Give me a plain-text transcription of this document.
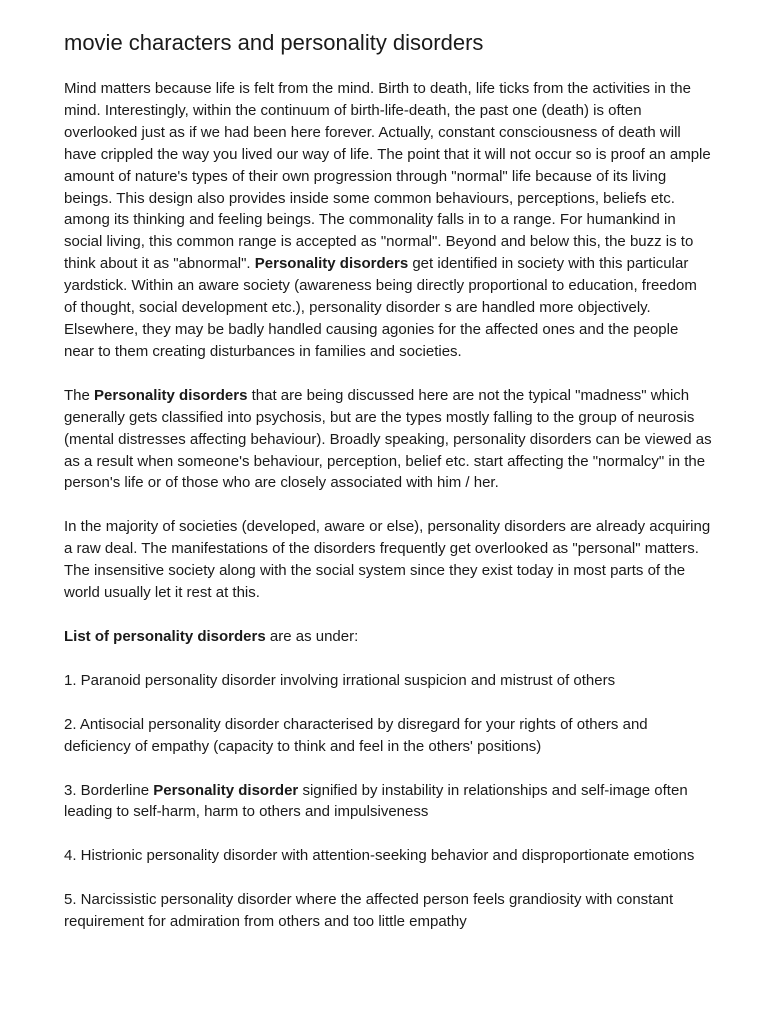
movie characters and personality disorders

Mind matters because life is felt from the mind. Birth to death, life ticks from the activities in the mind. Interestingly, within the continuum of birth-life-death, the past one (death) is often overlooked just as if we had been here forever. Actually, constant consciousness of death will have crippled the way you lived our way of life. The point that it will not occur so is proof an ample amount of nature's types of their own progression through "normal" life because of its living beings. This design also provides inside some common behaviours, perceptions, beliefs etc. among its thinking and feeling beings. The commonality falls in to a range. For humankind in social living, this common range is accepted as "normal". Beyond and below this, the buzz is to think about it as "abnormal". Personality disorders get identified in society with this particular yardstick. Within an aware society (awareness being directly proportional to education, freedom of thought, social development etc.), personality disorder s are handled more objectively. Elsewhere, they may be badly handled causing agonies for the affected ones and the people near to them creating disturbances in families and societies.

The Personality disorders that are being discussed here are not the typical "madness" which generally gets classified into psychosis, but are the types mostly falling to the group of neurosis (mental distresses affecting behaviour). Broadly speaking, personality disorders can be viewed as as a result when someone's behaviour, perception, belief etc. start affecting the "normalcy" in the person's life or of those who are closely associated with him / her.

In the majority of societies (developed, aware or else), personality disorders are already acquiring a raw deal. The manifestations of the disorders frequently get overlooked as "personal" matters. The insensitive society along with the social system since they exist today in most parts of the world usually let it rest at this.

List of personality disorders are as under:

1. Paranoid personality disorder involving irrational suspicion and mistrust of others

2. Antisocial personality disorder characterised by disregard for your rights of others and deficiency of empathy (capacity to think and feel in the others' positions)

3. Borderline Personality disorder signified by instability in relationships and self-image often leading to self-harm, harm to others and impulsiveness

4. Histrionic personality disorder with attention-seeking behavior and disproportionate emotions

5. Narcissistic personality disorder where the affected person feels grandiosity with constant requirement for admiration from others and too little empathy
